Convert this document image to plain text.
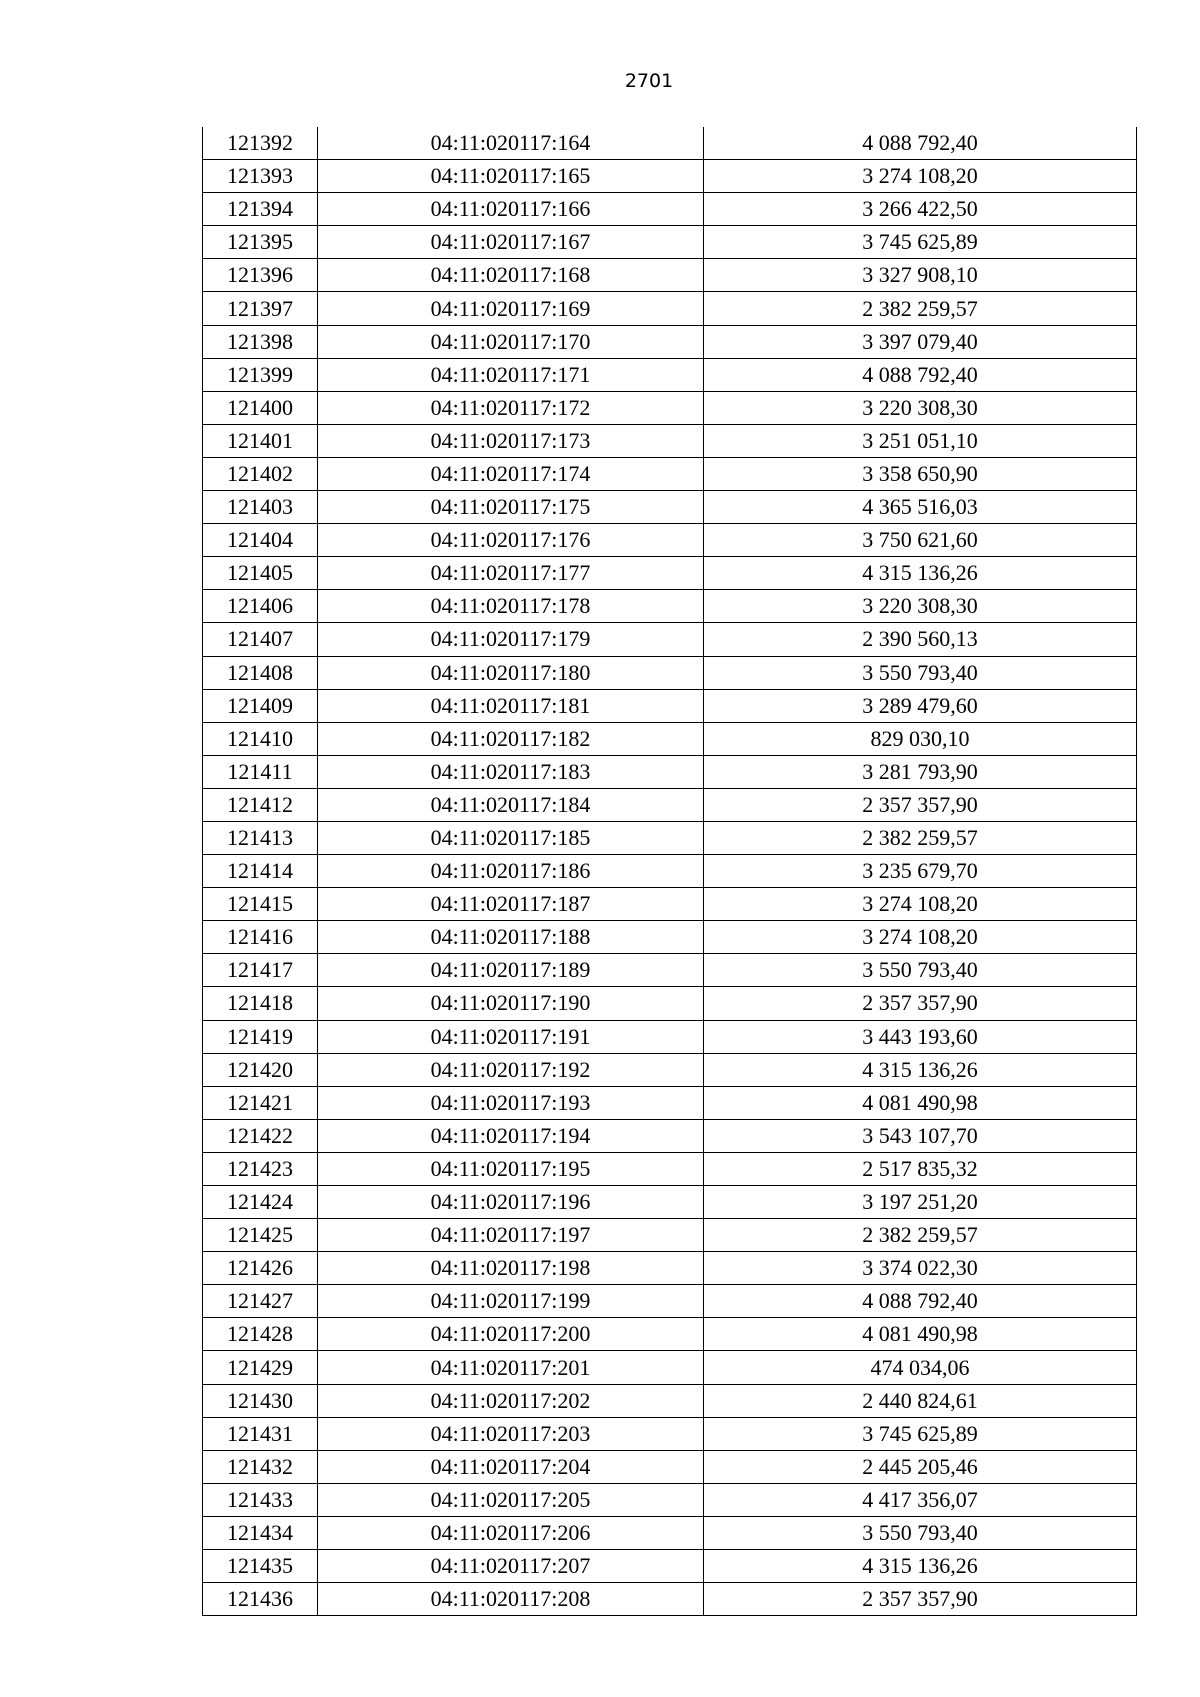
2701
121392	04:11:020117:164	4 088 792,40
121393	04:11:020117:165	3 274 108,20
121394	04:11:020117:166	3 266 422,50
121395	04:11:020117:167	3 745 625,89
121396	04:11:020117:168	3 327 908,10
121397	04:11:020117:169	2 382 259,57
121398	04:11:020117:170	3 397 079,40
121399	04:11:020117:171	4 088 792,40
121400	04:11:020117:172	3 220 308,30
121401	04:11:020117:173	3 251 051,10
121402	04:11:020117:174	3 358 650,90
121403	04:11:020117:175	4 365 516,03
121404	04:11:020117:176	3 750 621,60
121405	04:11:020117:177	4 315 136,26
121406	04:11:020117:178	3 220 308,30
121407	04:11:020117:179	2 390 560,13
121408	04:11:020117:180	3 550 793,40
121409	04:11:020117:181	3 289 479,60
121410	04:11:020117:182	829 030,10
121411	04:11:020117:183	3 281 793,90
121412	04:11:020117:184	2 357 357,90
121413	04:11:020117:185	2 382 259,57
121414	04:11:020117:186	3 235 679,70
121415	04:11:020117:187	3 274 108,20
121416	04:11:020117:188	3 274 108,20
121417	04:11:020117:189	3 550 793,40
121418	04:11:020117:190	2 357 357,90
121419	04:11:020117:191	3 443 193,60
121420	04:11:020117:192	4 315 136,26
121421	04:11:020117:193	4 081 490,98
121422	04:11:020117:194	3 543 107,70
121423	04:11:020117:195	2 517 835,32
121424	04:11:020117:196	3 197 251,20
121425	04:11:020117:197	2 382 259,57
121426	04:11:020117:198	3 374 022,30
121427	04:11:020117:199	4 088 792,40
121428	04:11:020117:200	4 081 490,98
121429	04:11:020117:201	474 034,06
121430	04:11:020117:202	2 440 824,61
121431	04:11:020117:203	3 745 625,89
121432	04:11:020117:204	2 445 205,46
121433	04:11:020117:205	4 417 356,07
121434	04:11:020117:206	3 550 793,40
121435	04:11:020117:207	4 315 136,26
121436	04:11:020117:208	2 357 357,90
